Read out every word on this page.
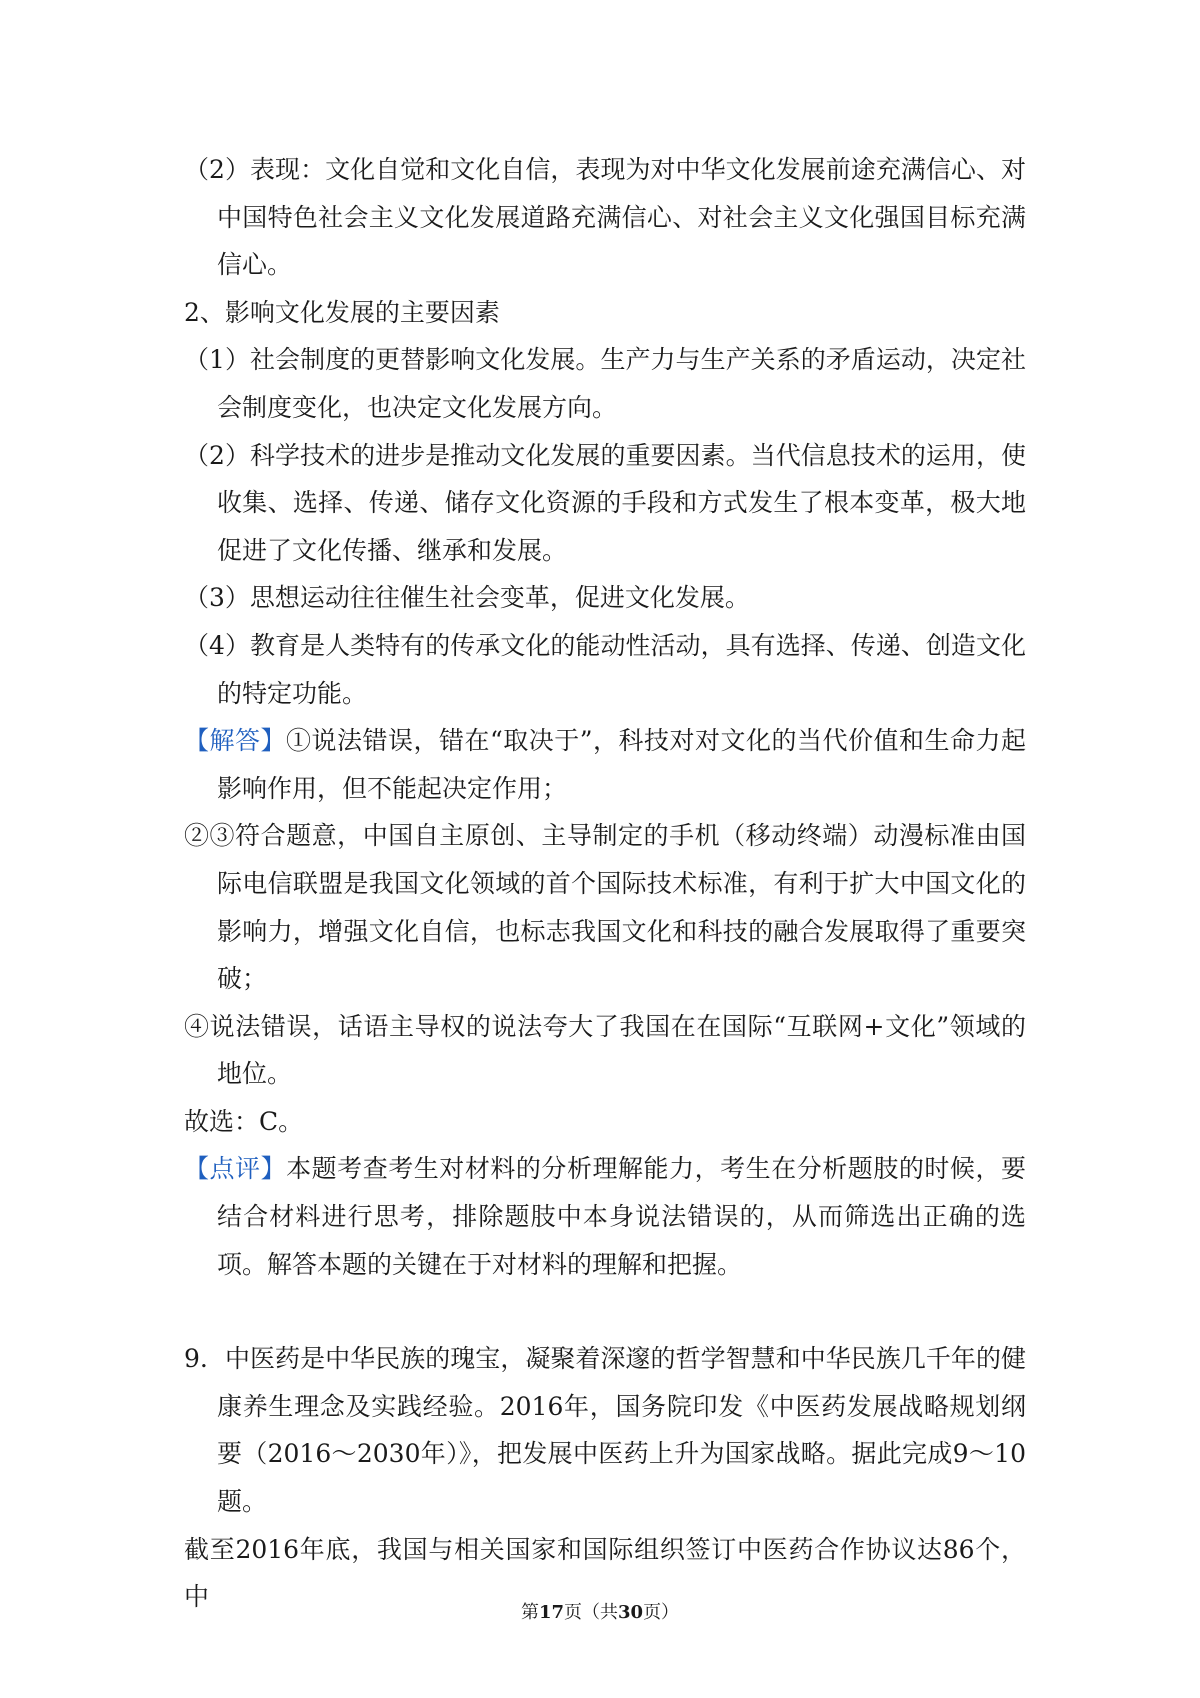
（2）表现：文化自觉和文化自信，表现为对中华文化发展前途充满信心、对中国特色社会主义文化发展道路充满信心、对社会主义文化强国目标充满信心。

2、影响文化发展的主要因素

（1）社会制度的更替影响文化发展。生产力与生产关系的矛盾运动，决定社会制度变化，也决定文化发展方向。

（2）科学技术的进步是推动文化发展的重要因素。当代信息技术的运用，使收集、选择、传递、储存文化资源的手段和方式发生了根本变革，极大地促进了文化传播、继承和发展。

（3）思想运动往往催生社会变革，促进文化发展。

（4）教育是人类特有的传承文化的能动性活动，具有选择、传递、创造文化的特定功能。

【解答】①说法错误，错在“取决于”，科技对对文化的当代价值和生命力起影响作用，但不能起决定作用；

②③符合题意，中国自主原创、主导制定的手机（移动终端）动漫标准由国际电信联盟是我国文化领域的首个国际技术标准，有利于扩大中国文化的影响力，增强文化自信，也标志我国文化和科技的融合发展取得了重要突破；

④说法错误，话语主导权的说法夸大了我国在在国际“互联网+文化”领域的地位。

故选：C。

【点评】本题考查考生对材料的分析理解能力，考生在分析题肢的时候，要结合材料进行思考，排除题肢中本身说法错误的，从而筛选出正确的选项。解答本题的关键在于对材料的理解和把握。

9．中医药是中华民族的瑰宝，凝聚着深邃的哲学智慧和中华民族几千年的健康养生理念及实践经验。2016年，国务院印发《中医药发展战略规划纲要（2016～2030年）》，把发展中医药上升为国家战略。据此完成9～10题。

截至2016年底，我国与相关国家和国际组织签订中医药合作协议达86个，中

第17页（共30页）
